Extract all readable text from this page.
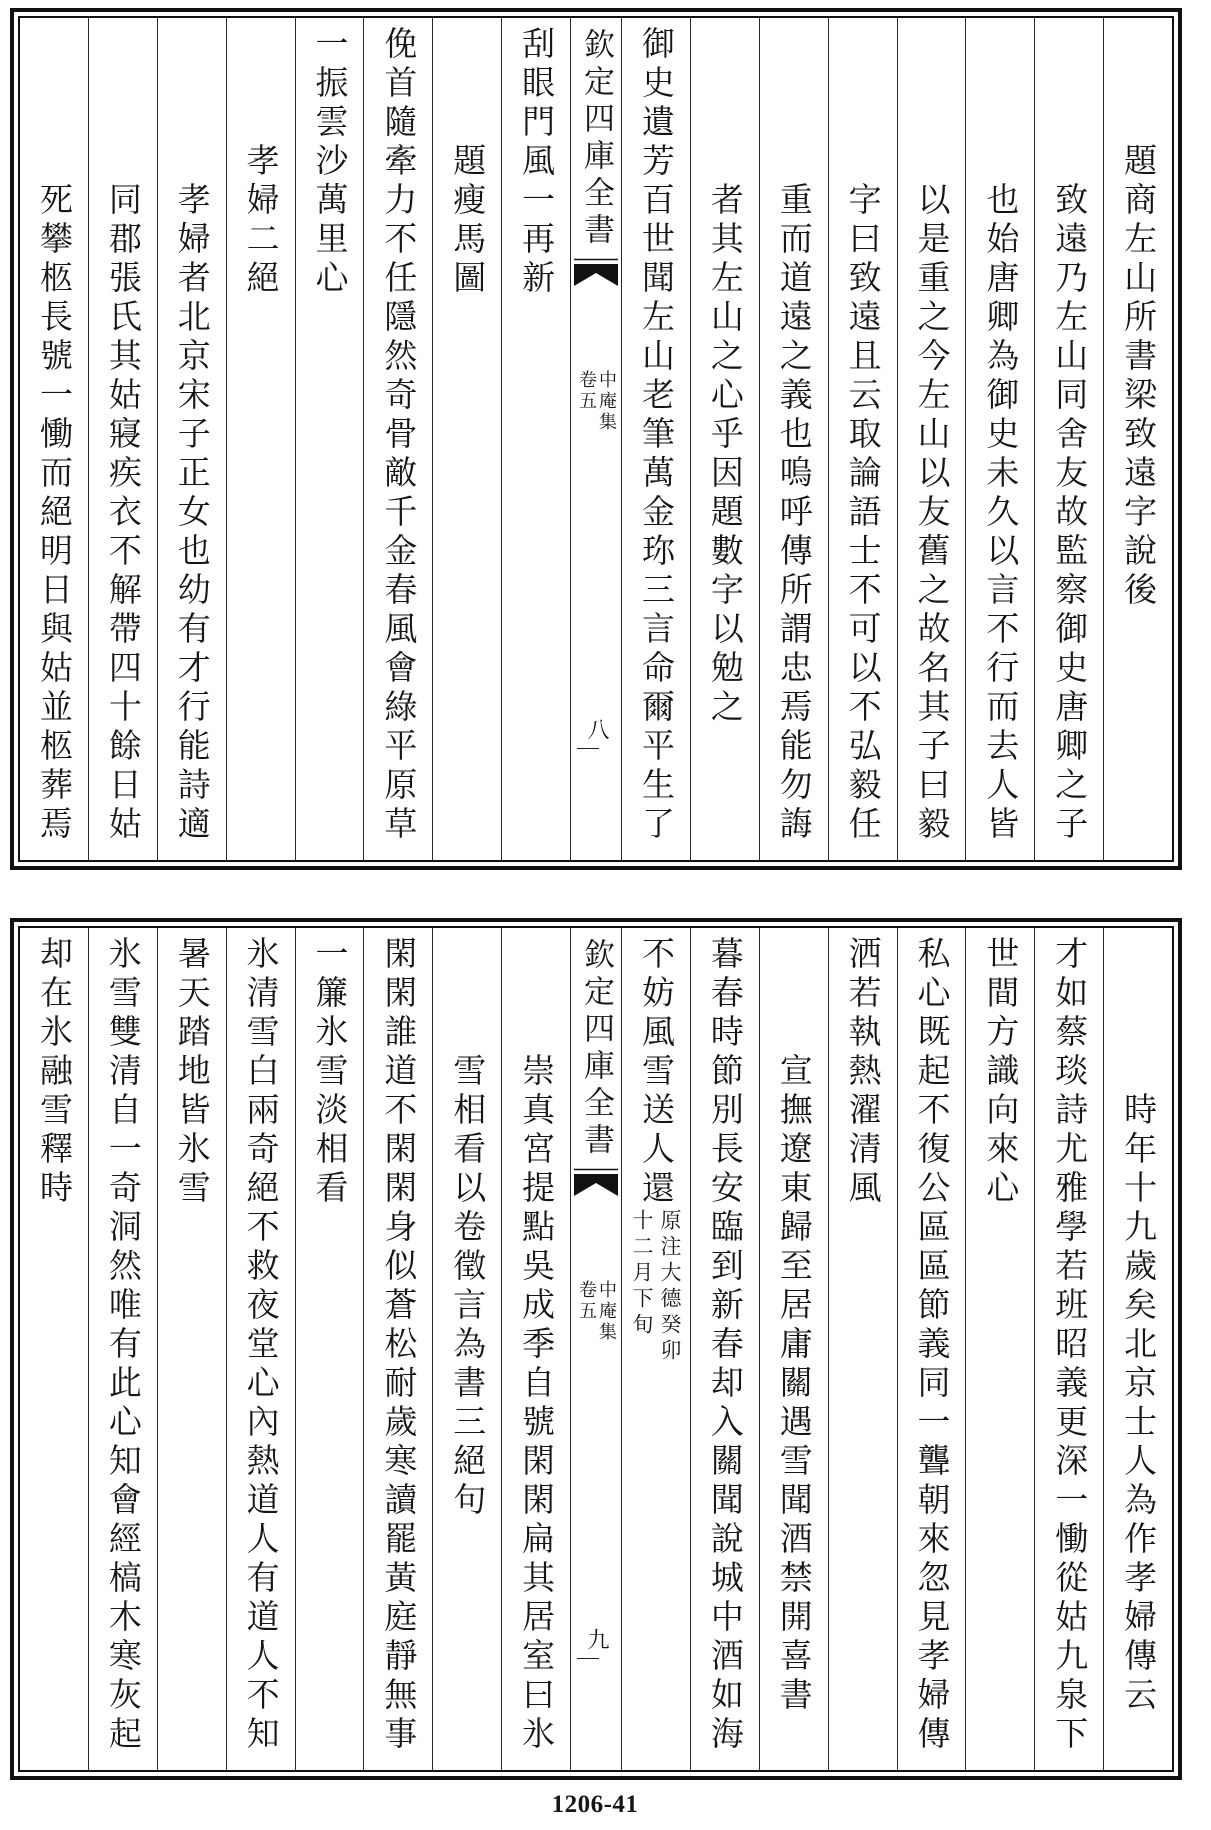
題商左山所書梁致遠字說後
致遠乃左山同舍友故監察御史唐卿之子
也始唐卿為御史未久以言不行而去人皆
以是重之今左山以友舊之故名其子曰毅
字曰致遠且云取論語士不可以不弘毅任
重而道遠之義也嗚呼傳所謂忠焉能勿誨
者其左山之心乎因題數字以勉之
御史遺芳百世聞左山老筆萬金珎三言命爾平生了
欽定四庫全書
中庵集
卷五
八
刮眼門風一再新
題瘦馬圖
俛首隨牽力不任隱然奇骨敵千金春風會綠平原草
一振雲沙萬里心
孝婦二絕
孝婦者北京宋子正女也幼有才行能詩適
同郡張氏其姑寢疾衣不解帶四十餘日姑
死攀柩長號一慟而絕明日與姑並柩葬焉
時年十九歲矣北京士人為作孝婦傳云
才如蔡琰詩尤雅學若班昭義更深一慟從姑九泉下
世間方識向來心
私心既起不復公區區節義同一聾朝來忽見孝婦傳
洒若執熱濯清風
宣撫遼東歸至居庸關遇雪聞酒禁開喜書
暮春時節別長安臨到新春却入關聞說城中酒如海
不妨風雪送人還
原注大德癸卯
十二月下旬
欽定四庫全書
中庵集
卷五
九
崇真宮提點吳成季自號閑閑扁其居室曰氷
雪相看以卷徵言為書三絕句
閑閑誰道不閑閑身似蒼松耐歲寒讀罷黃庭靜無事
一簾氷雪淡相看
氷清雪白兩奇絕不救夜堂心內熱道人有道人不知
暑天踏地皆氷雪
氷雪雙清自一奇洞然唯有此心知會經槁木寒灰起
却在氷融雪釋時
1206-41
